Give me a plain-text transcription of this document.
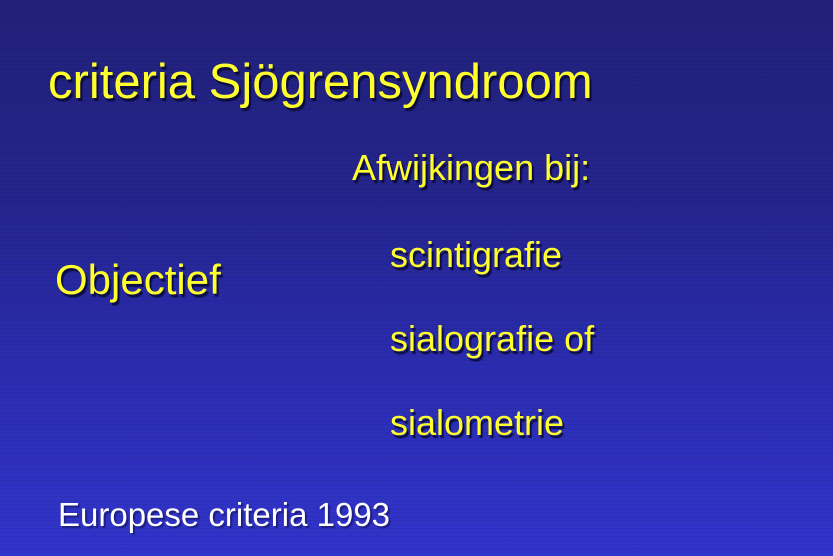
criteria Sjögrensyndroom
Afwijkingen bij:
Objectief
scintigrafie
sialografie of
sialometrie
Europese criteria 1993
